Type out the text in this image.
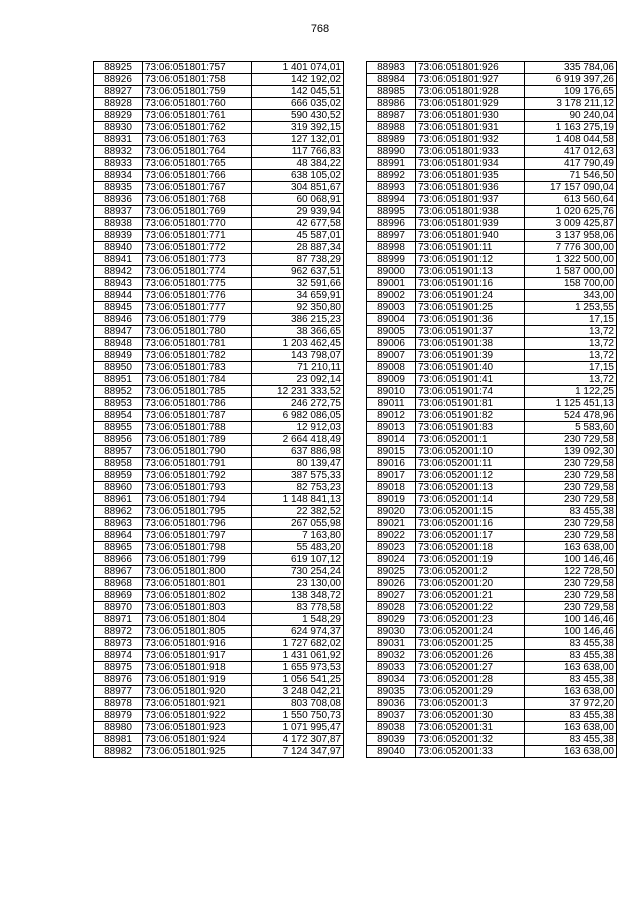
768
88925	73:06:051801:757	1 401 074,01
88926	73:06:051801:758	142 192,02
88927	73:06:051801:759	142 045,51
88928	73:06:051801:760	666 035,02
88929	73:06:051801:761	590 430,52
88930	73:06:051801:762	319 392,15
88931	73:06:051801:763	127 132,01
88932	73:06:051801:764	117 766,83
88933	73:06:051801:765	48 384,22
88934	73:06:051801:766	638 105,02
88935	73:06:051801:767	304 851,67
88936	73:06:051801:768	60 068,91
88937	73:06:051801:769	29 939,94
88938	73:06:051801:770	42 677,58
88939	73:06:051801:771	45 587,01
88940	73:06:051801:772	28 887,34
88941	73:06:051801:773	87 738,29
88942	73:06:051801:774	962 637,51
88943	73:06:051801:775	32 591,66
88944	73:06:051801:776	34 659,91
88945	73:06:051801:777	92 350,80
88946	73:06:051801:779	386 215,23
88947	73:06:051801:780	38 366,65
88948	73:06:051801:781	1 203 462,45
88949	73:06:051801:782	143 798,07
88950	73:06:051801:783	71 210,11
88951	73:06:051801:784	23 092,14
88952	73:06:051801:785	12 231 333,52
88953	73:06:051801:786	246 272,75
88954	73:06:051801:787	6 982 086,05
88955	73:06:051801:788	12 912,03
88956	73:06:051801:789	2 664 418,49
88957	73:06:051801:790	637 886,98
88958	73:06:051801:791	80 139,47
88959	73:06:051801:792	387 575,33
88960	73:06:051801:793	82 753,23
88961	73:06:051801:794	1 148 841,13
88962	73:06:051801:795	22 382,52
88963	73:06:051801:796	267 055,98
88964	73:06:051801:797	7 163,80
88965	73:06:051801:798	55 483,20
88966	73:06:051801:799	619 107,12
88967	73:06:051801:800	730 254,24
88968	73:06:051801:801	23 130,00
88969	73:06:051801:802	138 348,72
88970	73:06:051801:803	83 778,58
88971	73:06:051801:804	1 548,29
88972	73:06:051801:805	624 974,37
88973	73:06:051801:916	1 727 682,02
88974	73:06:051801:917	1 431 061,92
88975	73:06:051801:918	1 655 973,53
88976	73:06:051801:919	1 056 541,25
88977	73:06:051801:920	3 248 042,21
88978	73:06:051801:921	803 708,08
88979	73:06:051801:922	1 550 750,73
88980	73:06:051801:923	1 071 995,47
88981	73:06:051801:924	4 172 307,87
88982	73:06:051801:925	7 124 347,97
88983	73:06:051801:926	335 784,06
88984	73:06:051801:927	6 919 397,26
88985	73:06:051801:928	109 176,65
88986	73:06:051801:929	3 178 211,12
88987	73:06:051801:930	90 240,04
88988	73:06:051801:931	1 163 275,19
88989	73:06:051801:932	1 408 044,58
88990	73:06:051801:933	417 012,63
88991	73:06:051801:934	417 790,49
88992	73:06:051801:935	71 546,50
88993	73:06:051801:936	17 157 090,04
88994	73:06:051801:937	613 560,64
88995	73:06:051801:938	1 020 625,76
88996	73:06:051801:939	3 009 425,87
88997	73:06:051801:940	3 137 958,06
88998	73:06:051901:11	7 776 300,00
88999	73:06:051901:12	1 322 500,00
89000	73:06:051901:13	1 587 000,00
89001	73:06:051901:16	158 700,00
89002	73:06:051901:24	343,00
89003	73:06:051901:25	1 253,55
89004	73:06:051901:36	17,15
89005	73:06:051901:37	13,72
89006	73:06:051901:38	13,72
89007	73:06:051901:39	13,72
89008	73:06:051901:40	17,15
89009	73:06:051901:41	13,72
89010	73:06:051901:74	1 122,25
89011	73:06:051901:81	1 125 451,13
89012	73:06:051901:82	524 478,96
89013	73:06:051901:83	5 583,60
89014	73:06:052001:1	230 729,58
89015	73:06:052001:10	139 092,30
89016	73:06:052001:11	230 729,58
89017	73:06:052001:12	230 729,58
89018	73:06:052001:13	230 729,58
89019	73:06:052001:14	230 729,58
89020	73:06:052001:15	83 455,38
89021	73:06:052001:16	230 729,58
89022	73:06:052001:17	230 729,58
89023	73:06:052001:18	163 638,00
89024	73:06:052001:19	100 146,46
89025	73:06:052001:2	122 728,50
89026	73:06:052001:20	230 729,58
89027	73:06:052001:21	230 729,58
89028	73:06:052001:22	230 729,58
89029	73:06:052001:23	100 146,46
89030	73:06:052001:24	100 146,46
89031	73:06:052001:25	83 455,38
89032	73:06:052001:26	83 455,38
89033	73:06:052001:27	163 638,00
89034	73:06:052001:28	83 455,38
89035	73:06:052001:29	163 638,00
89036	73:06:052001:3	37 972,20
89037	73:06:052001:30	83 455,38
89038	73:06:052001:31	163 638,00
89039	73:06:052001:32	83 455,38
89040	73:06:052001:33	163 638,00
